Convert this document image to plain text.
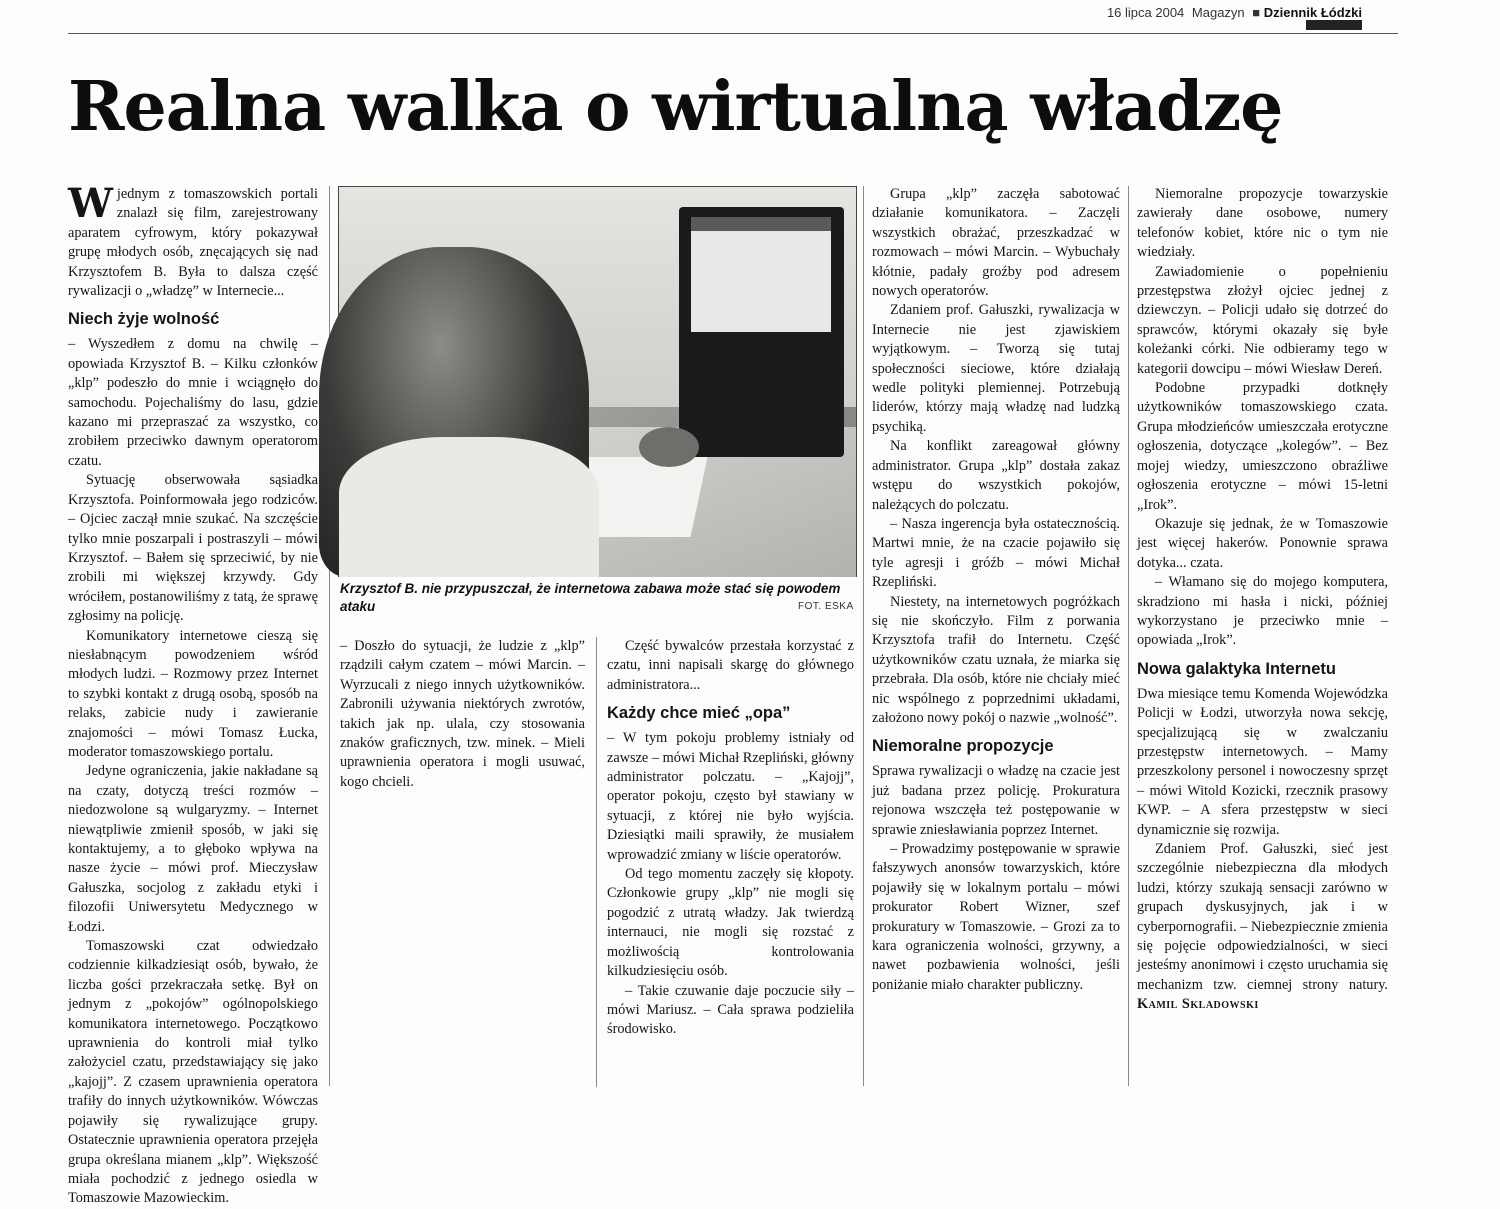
16 lipca 2004 Magazyn ■ Dziennik Łódzki
Realna walka o wirtualną władzę

Wjednym z tomaszowskich portali znalazł się film, zarejestrowany aparatem cyfrowym, który pokazywał grupę młodych osób, znęcających się nad Krzysztofem B. Była to dalsza część rywalizacji o „władzę” w Internecie...

Niech żyje wolność

– Wyszedłem z domu na chwilę – opowiada Krzysztof B. – Kilku członków „klp” podeszło do mnie i wciągnęło do samochodu. Pojechaliśmy do lasu, gdzie kazano mi przepraszać za wszystko, co zrobiłem przeciwko dawnym operatorom czatu.

Sytuację obserwowała sąsiadka Krzysztofa. Poinformowała jego rodziców. – Ojciec zaczął mnie szukać. Na szczęście tylko mnie poszarpali i postraszyli – mówi Krzysztof. – Bałem się sprzeciwić, by nie zrobili mi większej krzywdy. Gdy wróciłem, postanowiliśmy z tatą, że sprawę zgłosimy na policję.

Komunikatory internetowe cieszą się niesłabnącym powodzeniem wśród młodych ludzi. – Rozmowy przez Internet to szybki kontakt z drugą osobą, sposób na relaks, zabicie nudy i zawieranie znajomości – mówi Tomasz Łucka, moderator tomaszowskiego portalu.

Jedyne ograniczenia, jakie nakładane są na czaty, dotyczą treści rozmów – niedozwolone są wulgaryzmy. – Internet niewątpliwie zmienił sposób, w jaki się kontaktujemy, a to głęboko wpływa na nasze życie – mówi prof. Mieczysław Gałuszka, socjolog z zakładu etyki i filozofii Uniwersytetu Medycznego w Łodzi.

Tomaszowski czat odwiedzało codziennie kilkadziesiąt osób, bywało, że liczba gości przekraczała setkę. Był on jednym z „pokojów” ogólnopolskiego komunikatora internetowego. Początkowo uprawnienia do kontroli miał tylko założyciel czatu, przedstawiający się jako „kajojj”. Z czasem uprawnienia operatora trafiły do innych użytkowników. Wówczas pojawiły się rywalizujące grupy. Ostatecznie uprawnienia operatora przejęła grupa określana mianem „klp”. Większość miała pochodzić z jednego osiedla w Tomaszowie Mazowieckim.

Krzysztof B. nie przypuszczał, że internetowa zabawa może stać się powodem ataku	FOT. ESKA

– Doszło do sytuacji, że ludzie z „klp” rządzili całym czatem – mówi Marcin. – Wyrzucali z niego innych użytkowników. Zabronili używania niektórych zwrotów, takich jak np. ulala, czy stosowania znaków graficznych, tzw. minek. – Mieli uprawnienia operatora i mogli usuwać, kogo chcieli.

Część bywalców przestała korzystać z czatu, inni napisali skargę do głównego administratora...

Każdy chce mieć „opa”

– W tym pokoju problemy istniały od zawsze – mówi Michał Rzepliński, główny administrator polczatu. – „Kajojj”, operator pokoju, często był stawiany w sytuacji, z której nie było wyjścia. Dziesiątki maili sprawiły, że musiałem wprowadzić zmiany w liście operatorów.

Od tego momentu zaczęły się kłopoty. Członkowie grupy „klp” nie mogli się pogodzić z utratą władzy. Jak twierdzą internauci, nie mogli się rozstać z możliwością kontrolowania kilkudziesięciu osób.

– Takie czuwanie daje poczucie siły – mówi Mariusz. – Cała sprawa podzieliła środowisko.

Grupa „klp” zaczęła sabotować działanie komunikatora. – Zaczęli wszystkich obrażać, przeszkadzać w rozmowach – mówi Marcin. – Wybuchały kłótnie, padały groźby pod adresem nowych operatorów.

Zdaniem prof. Gałuszki, rywalizacja w Internecie nie jest zjawiskiem wyjątkowym. – Tworzą się tutaj społeczności sieciowe, które działają wedle polityki plemiennej. Potrzebują liderów, którzy mają władzę nad ludzką psychiką.

Na konflikt zareagował główny administrator. Grupa „klp” dostała zakaz wstępu do wszystkich pokojów, należących do polczatu.

– Nasza ingerencja była ostatecznością. Martwi mnie, że na czacie pojawiło się tyle agresji i gróźb – mówi Michał Rzepliński.

Niestety, na internetowych pogróżkach się nie skończyło. Film z porwania Krzysztofa trafił do Internetu. Część użytkowników czatu uznała, że miarka się przebrała. Dla osób, które nie chciały mieć nic wspólnego z poprzednimi układami, założono nowy pokój o nazwie „wolność”.

Niemoralne propozycje

Sprawa rywalizacji o władzę na czacie jest już badana przez policję. Prokuratura rejonowa wszczęła też postępowanie w sprawie zniesławiania poprzez Internet.

– Prowadzimy postępowanie w sprawie fałszywych anonsów towarzyskich, które pojawiły się w lokalnym portalu – mówi prokurator Robert Wizner, szef prokuratury w Tomaszowie. – Grozi za to kara ograniczenia wolności, grzywny, a nawet pozbawienia wolności, jeśli poniżanie miało charakter publiczny.

Niemoralne propozycje towarzyskie zawierały dane osobowe, numery telefonów kobiet, które nic o tym nie wiedziały.

Zawiadomienie o popełnieniu przestępstwa złożył ojciec jednej z dziewczyn. – Policji udało się dotrzeć do sprawców, którymi okazały się byłe koleżanki córki. Nie odbieramy tego w kategorii dowcipu – mówi Wiesław Dereń.

Podobne przypadki dotknęły użytkowników tomaszowskiego czata. Grupa młodzieńców umieszczała erotyczne ogłoszenia, dotyczące „kolegów”. – Bez mojej wiedzy, umieszczono obraźliwe ogłoszenia erotyczne – mówi 15-letni „Irok”.

Okazuje się jednak, że w Tomaszowie jest więcej hakerów. Ponownie sprawa dotyka... czata.

– Włamano się do mojego komputera, skradziono mi hasła i nicki, później wykorzystano je przeciwko mnie – opowiada „Irok”.

Nowa galaktyka Internetu

Dwa miesiące temu Komenda Wojewódzka Policji w Łodzi, utworzyła nowa sekcję, specjalizującą się w zwalczaniu przestępstw internetowych. – Mamy przeszkolony personel i nowoczesny sprzęt – mówi Witold Kozicki, rzecznik prasowy KWP. – A sfera przestępstw w sieci dynamicznie się rozwija.

Zdaniem Prof. Gałuszki, sieć jest szczególnie niebezpieczna dla młodych ludzi, którzy szukają sensacji zarówno w grupach dyskusyjnych, jak i w cyberpornografii. – Niebezpiecznie zmienia się pojęcie odpowiedzialności, w sieci jesteśmy anonimowi i często uruchamia się mechanizm tzw. ciemnej strony natury. Kamil Skladowski
